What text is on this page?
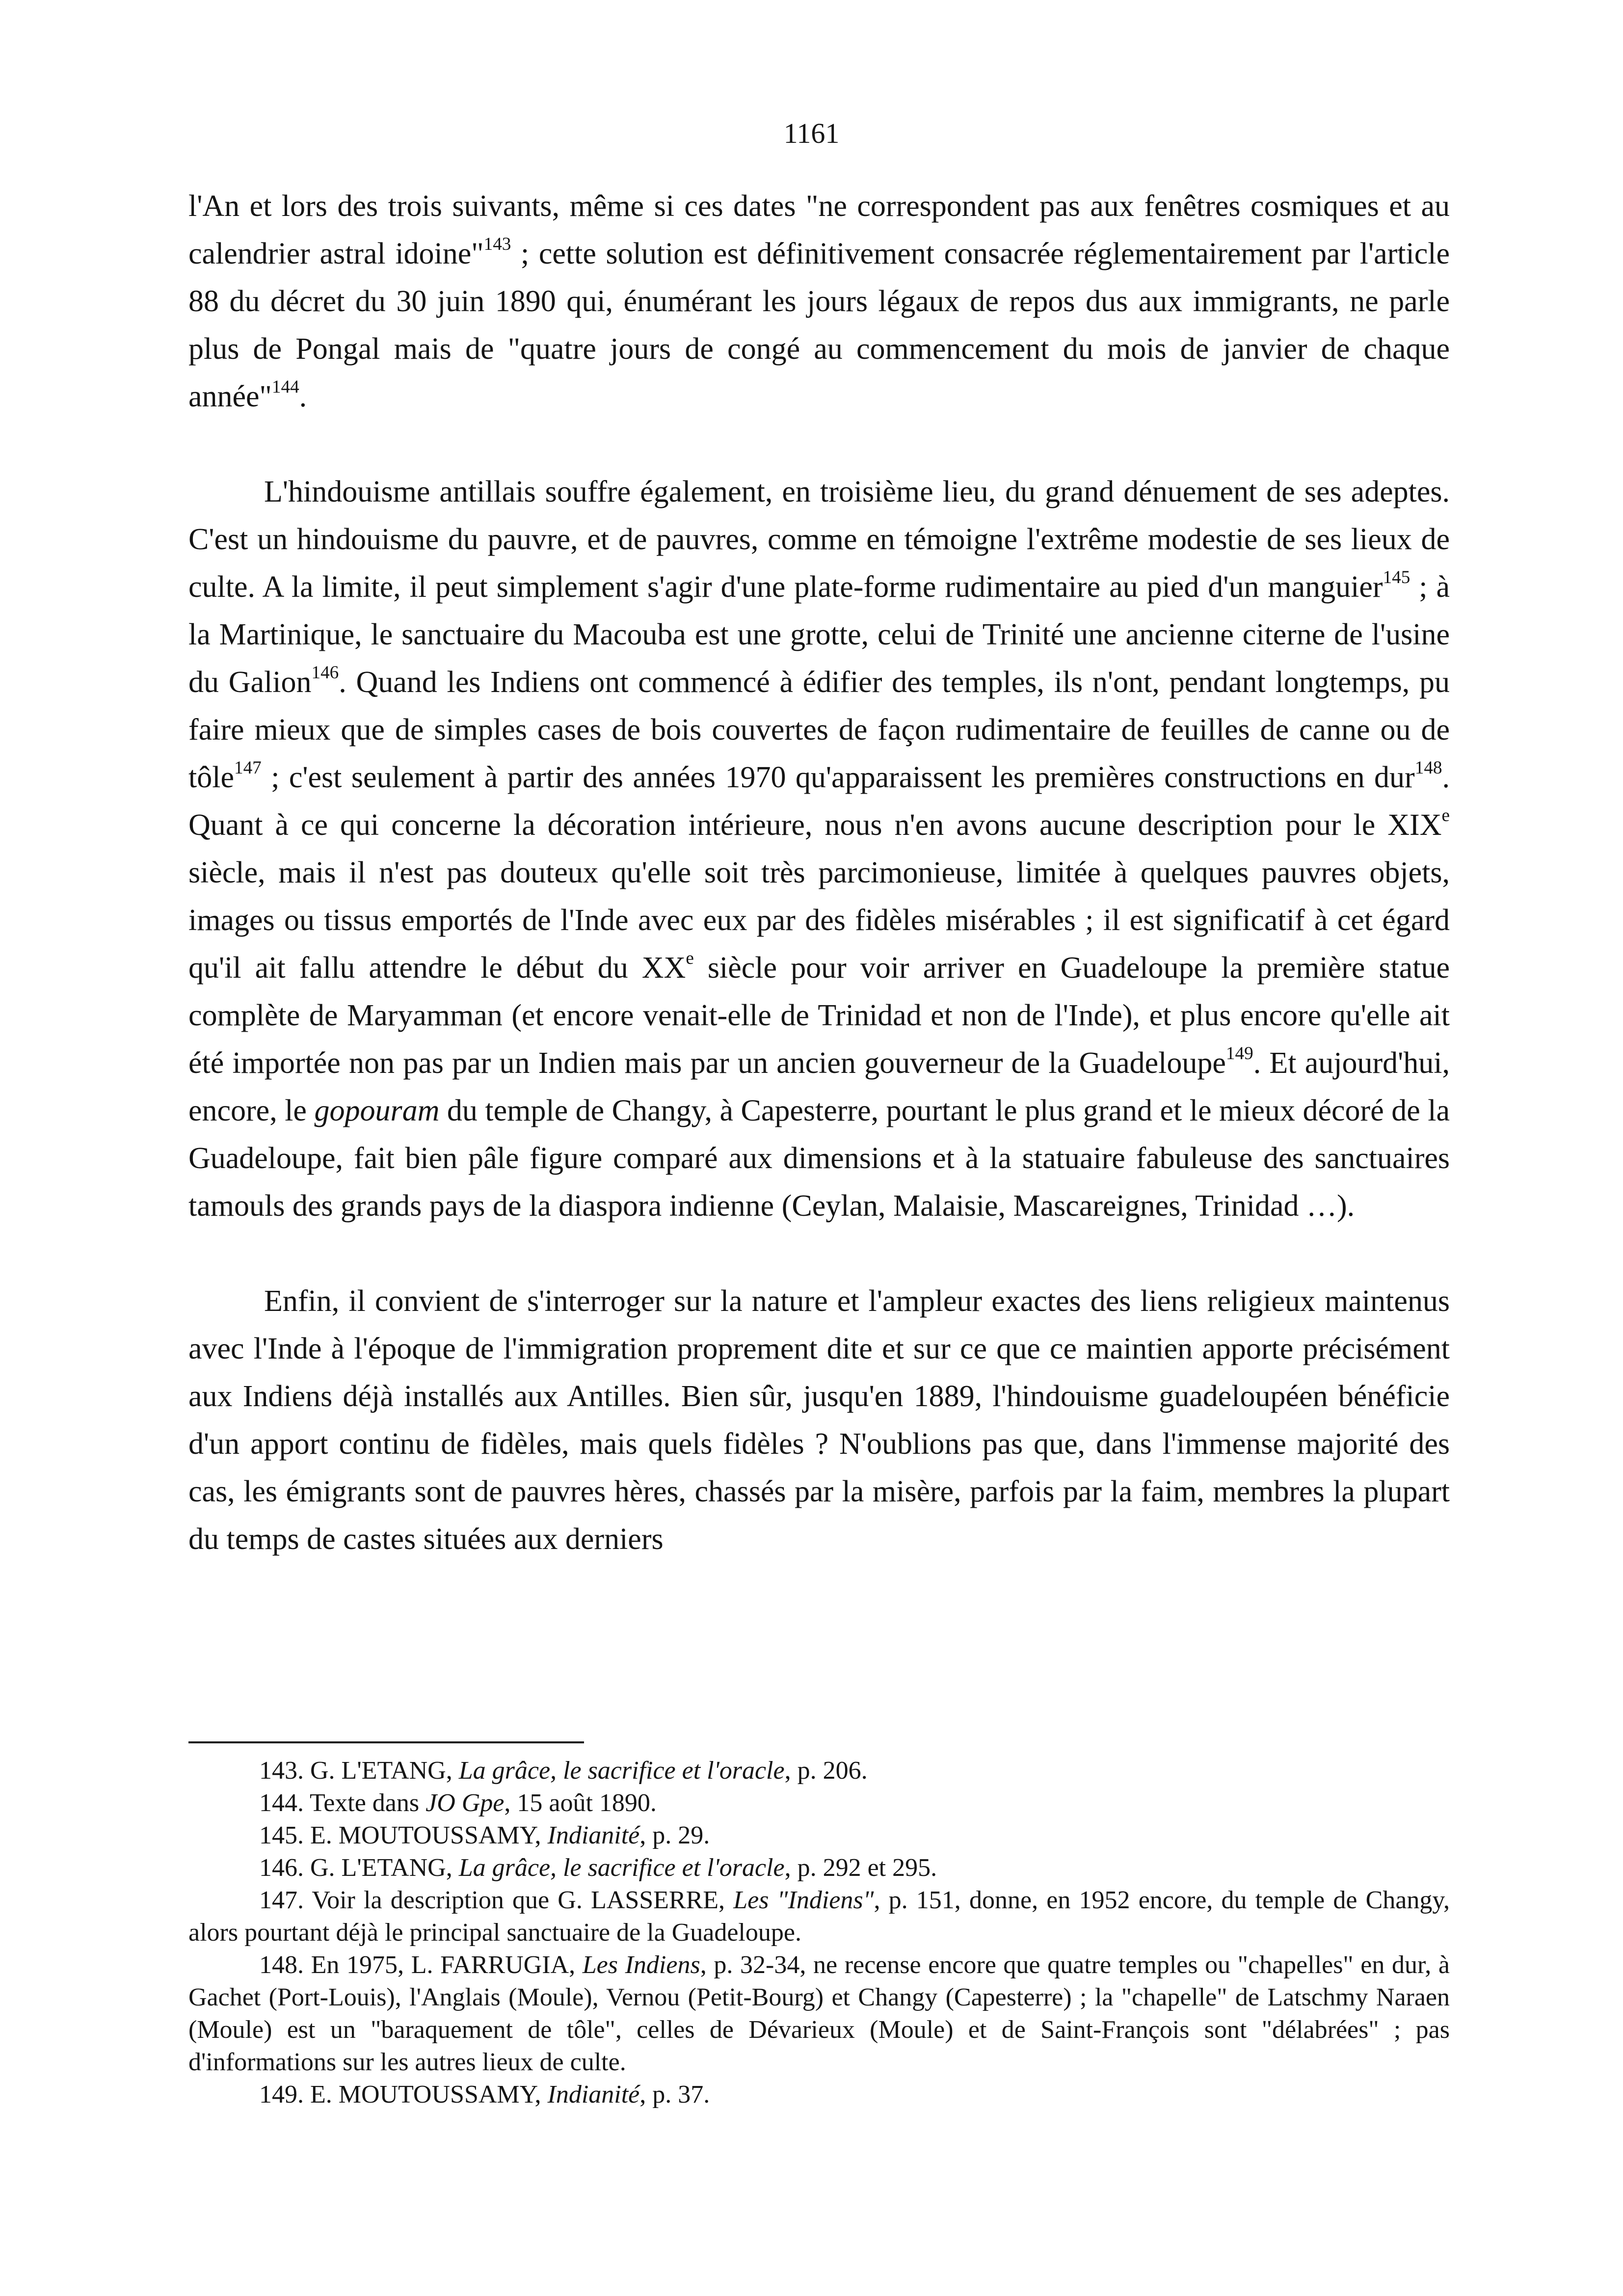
1161

l'An et lors des trois suivants, même si ces dates "ne correspondent pas aux fenêtres cosmiques et au calendrier astral idoine"$^{143}$ ; cette solution est définitivement consacrée réglementairement par l'article 88 du décret du 30 juin 1890 qui, énumérant les jours légaux de repos dus aux immigrants, ne parle plus de Pongal mais de "quatre jours de congé au commencement du mois de janvier de chaque année"$^{144}$.

L'hindouisme antillais souffre également, en troisième lieu, du grand dénuement de ses adeptes. C'est un hindouisme du pauvre, et de pauvres, comme en témoigne l'extrême modestie de ses lieux de culte. A la limite, il peut simplement s'agir d'une plate-forme rudimentaire au pied d'un manguier$^{145}$ ; à la Martinique, le sanctuaire du Macouba est une grotte, celui de Trinité une ancienne citerne de l'usine du Galion$^{146}$. Quand les Indiens ont commencé à édifier des temples, ils n'ont, pendant longtemps, pu faire mieux que de simples cases de bois couvertes de façon rudimentaire de feuilles de canne ou de tôle$^{147}$ ; c'est seulement à partir des années 1970 qu'apparaissent les premières constructions en dur$^{148}$. Quant à ce qui concerne la décoration intérieure, nous n'en avons aucune description pour le XIXe siècle, mais il n'est pas douteux qu'elle soit très parcimonieuse, limitée à quelques pauvres objets, images ou tissus emportés de l'Inde avec eux par des fidèles misérables ; il est significatif à cet égard qu'il ait fallu attendre le début du XXe siècle pour voir arriver en Guadeloupe la première statue complète de Maryamman (et encore venait-elle de Trinidad et non de l'Inde), et plus encore qu'elle ait été importée non pas par un Indien mais par un ancien gouverneur de la Guadeloupe$^{149}$. Et aujourd'hui, encore, le gopouram du temple de Changy, à Capesterre, pourtant le plus grand et le mieux décoré de la Guadeloupe, fait bien pâle figure comparé aux dimensions et à la statuaire fabuleuse des sanctuaires tamouls des grands pays de la diaspora indienne (Ceylan, Malaisie, Mascareignes, Trinidad …).

Enfin, il convient de s'interroger sur la nature et l'ampleur exactes des liens religieux maintenus avec l'Inde à l'époque de l'immigration proprement dite et sur ce que ce maintien apporte précisément aux Indiens déjà installés aux Antilles. Bien sûr, jusqu'en 1889, l'hindouisme guadeloupéen bénéficie d'un apport continu de fidèles, mais quels fidèles ? N'oublions pas que, dans l'immense majorité des cas, les émigrants sont de pauvres hères, chassés par la misère, parfois par la faim, membres la plupart du temps de castes situées aux derniers

143. G. L'ETANG, La grâce, le sacrifice et l'oracle, p. 206.

144. Texte dans JO Gpe, 15 août 1890.

145. E. MOUTOUSSAMY, Indianité, p. 29.

146. G. L'ETANG, La grâce, le sacrifice et l'oracle, p. 292 et 295.

147. Voir la description que G. LASSERRE, Les "Indiens", p. 151, donne, en 1952 encore, du temple de Changy, alors pourtant déjà le principal sanctuaire de la Guadeloupe.

148. En 1975, L. FARRUGIA, Les Indiens, p. 32-34, ne recense encore que quatre temples ou "chapelles" en dur, à Gachet (Port-Louis), l'Anglais (Moule), Vernou (Petit-Bourg) et Changy (Capesterre) ; la "chapelle" de Latschmy Naraen (Moule) est un "baraquement de tôle", celles de Dévarieux (Moule) et de Saint-François sont "délabrées" ; pas d'informations sur les autres lieux de culte.

149. E. MOUTOUSSAMY, Indianité, p. 37.
